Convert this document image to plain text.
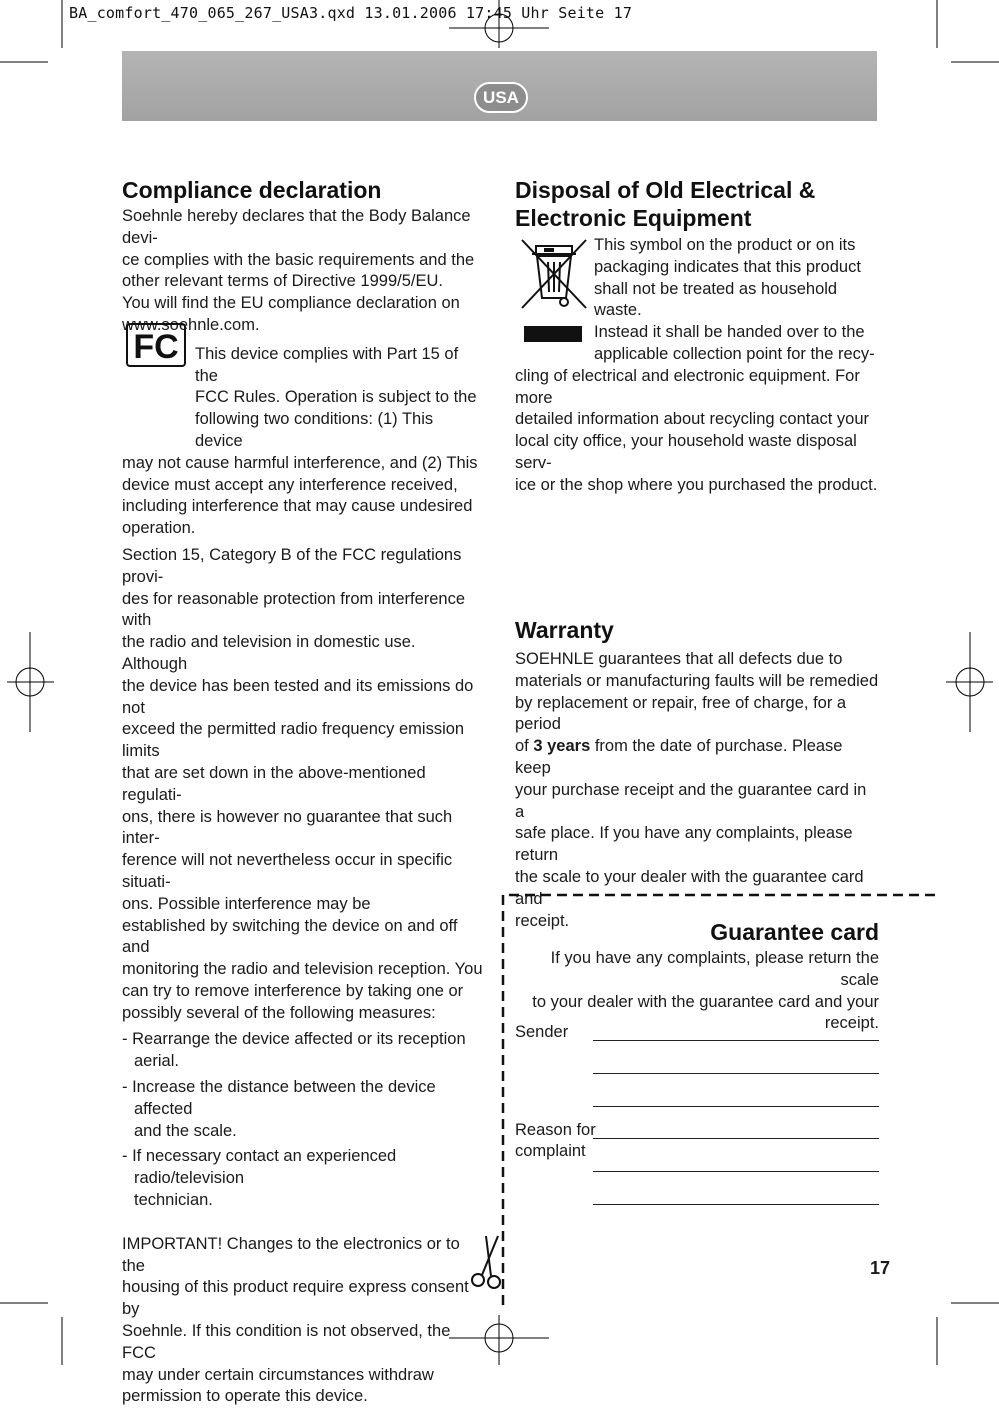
BA_comfort_470_065_267_USA3.qxd 13.01.2006 17:45 Uhr Seite 17
USA
Compliance declaration
Soehnle hereby declares that the Body Balance devi-
ce complies with the basic requirements and the
other relevant terms of Directive 1999/5/EU.
You will find the EU compliance declaration on
www.soehnle.com.
This device complies with Part 15 of the
FCC Rules. Operation is subject to the
following two conditions: (1) This device
may not cause harmful interference, and (2) This
device must accept any interference received,
including interference that may cause undesired
operation.
Section 15, Category B of the FCC regulations provi-
des for reasonable protection from interference with
the radio and television in domestic use. Although
the device has been tested and its emissions do not
exceed the permitted radio frequency emission limits
that are set down in the above-mentioned regulati-
ons, there is however no guarantee that such inter-
ference will not nevertheless occur in specific situati-
ons. Possible interference may be
established by switching the device on and off and
monitoring the radio and television reception. You
can try to remove interference by taking one or
possibly several of the following measures:
- Rearrange the device affected or its reception aerial.
- Increase the distance between the device affected
and the scale.
- If necessary contact an experienced radio/television
technician.
IMPORTANT! Changes to the electronics or to the
housing of this product require express consent by
Soehnle. If this condition is not observed, the FCC
may under certain circumstances withdraw
permission to operate this device.
FC
Disposal of Old Electrical &
Electronic Equipment
This symbol on the product or on its
packaging indicates that this product
shall not be treated as household waste.
Instead it shall be handed over to the
applicable collection point for the recy-
cling of electrical and electronic equipment. For more
detailed information about recycling contact your
local city office, your household waste disposal serv-
ice or the shop where you purchased the product.
Warranty
SOEHNLE guarantees that all defects due to
materials or manufacturing faults will be remedied
by replacement or repair, free of charge, for a period
of 3 years from the date of purchase. Please keep
your purchase receipt and the guarantee card in a
safe place. If you have any complaints, please return
the scale to your dealer with the guarantee card and
receipt.	Guarantee card
If you have any complaints, please return the scale
to your dealer with the guarantee card and your
receipt.
Sender
Reason for
complaint
17
